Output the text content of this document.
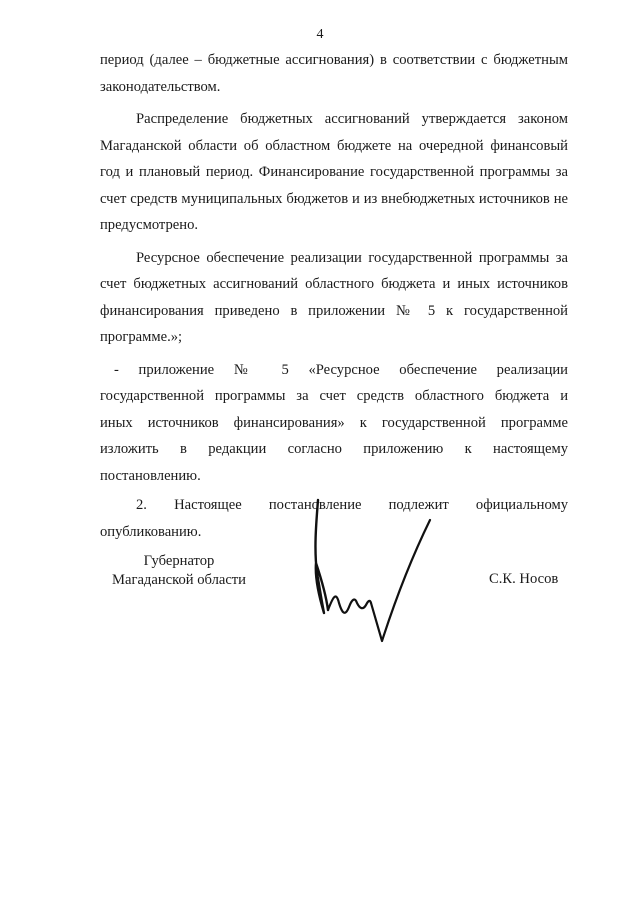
4

период (далее – бюджетные ассигнования) в соответствии с бюджетным законодательством.

Распределение бюджетных ассигнований утверждается законом Магаданской области об областном бюджете на очередной финансовый год и плановый период. Финансирование государственной программы за счет средств муниципальных бюджетов и из внебюджетных источников не предусмотрено.

Ресурсное обеспечение реализации государственной программы за счет бюджетных ассигнований областного бюджета и иных источников финансирования приведено в приложении № 5 к государственной программе.»;

- приложение № 5 «Ресурсное обеспечение реализации государственной программы за счет средств областного бюджета и иных источников финансирования» к государственной программе изложить в редакции согласно приложению к настоящему постановлению.

2. Настоящее постановление подлежит официальному опубликованию.

Губернатор
Магаданской области	С.К. Носов
